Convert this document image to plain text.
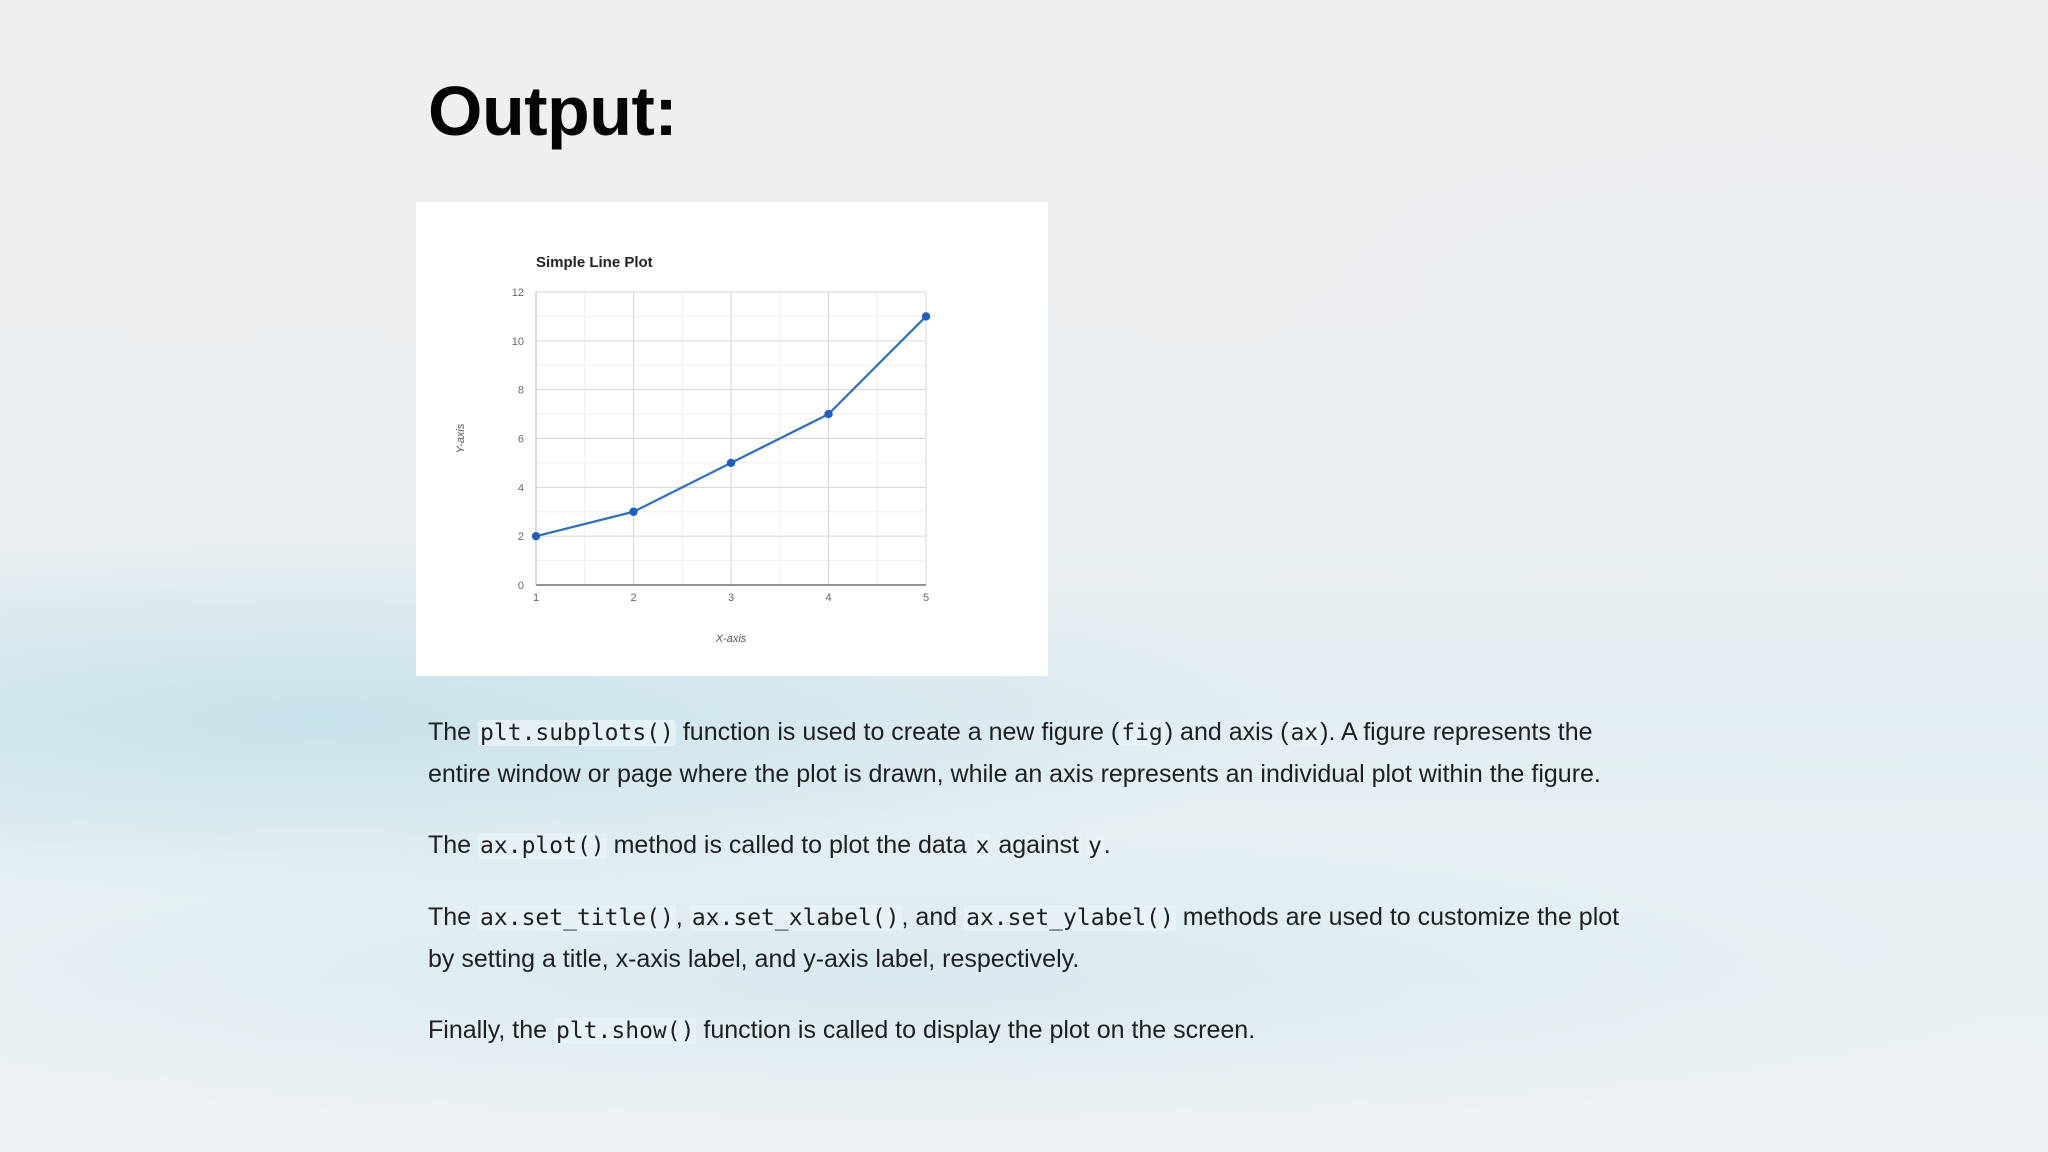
Output:
1	2	3	4	5
0
2
4
6
8
10
12
Simple Line Plot
X-axis
Y-axis

The plt.subplots() function is used to create a new figure (fig) and axis (ax). A figure represents the entire window or page where the plot is drawn, while an axis represents an individual plot within the figure.

The ax.plot() method is called to plot the data x against y.

The ax.set_title(), ax.set_xlabel(), and ax.set_ylabel() methods are used to customize the plot by setting a title, x-axis label, and y-axis label, respectively.

Finally, the plt.show() function is called to display the plot on the screen.
